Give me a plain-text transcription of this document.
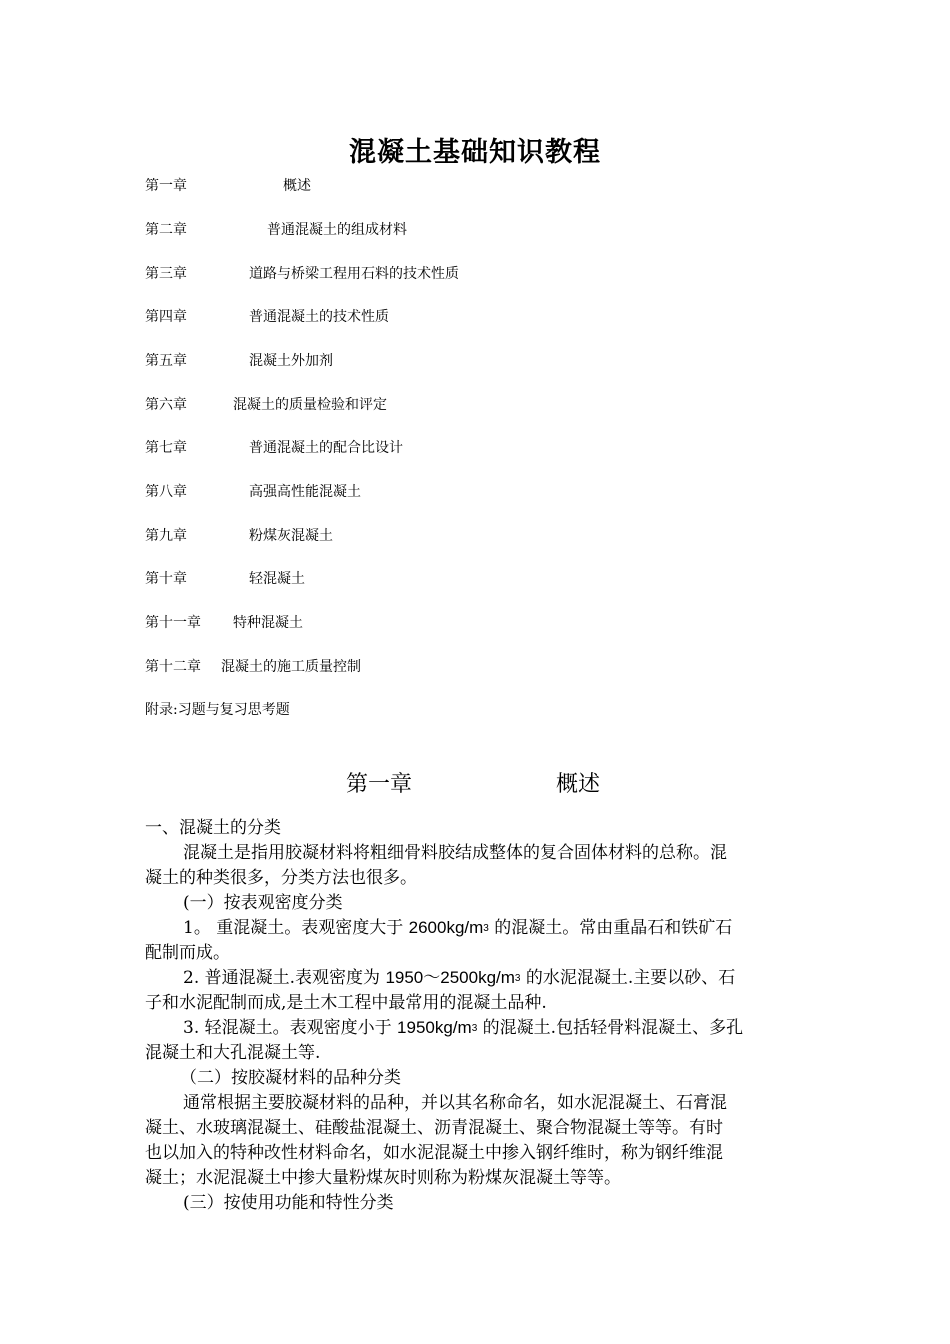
混凝土基础知识教程
第一章	概述
第二章	普通混凝土的组成材料
第三章	道路与桥梁工程用石料的技术性质
第四章	普通混凝土的技术性质
第五章	混凝土外加剂
第六章	混凝土的质量检验和评定
第七章	普通混凝土的配合比设计
第八章	高强高性能混凝土
第九章	粉煤灰混凝土
第十章	轻混凝土
第十一章 特种混凝土
第十二章 混凝土的施工质量控制
附录:习题与复习思考题
第一章	概述
一、混凝土的分类
混凝土是指用胶凝材料将粗细骨料胶结成整体的复合固体材料的总称。混
凝土的种类很多，分类方法也很多。
(一）按表观密度分类
1。 重混凝土。表观密度大于 $2600kg/m^3$ 的混凝土。常由重晶石和铁矿石
配制而成。
2. 普通混凝土.表观密度为 $1950\sim 2500kg/m^3$ 的水泥混凝土.主要以砂、石
子和水泥配制而成,是土木工程中最常用的混凝土品种.
3. 轻混凝土。表观密度小于 $1950kg/m^3$ 的混凝土.包括轻骨料混凝土、多孔
混凝土和大孔混凝土等.
（二）按胶凝材料的品种分类
通常根据主要胶凝材料的品种，并以其名称命名，如水泥混凝土、石膏混
凝土、水玻璃混凝土、硅酸盐混凝土、沥青混凝土、聚合物混凝土等等。有时
也以加入的特种改性材料命名，如水泥混凝土中掺入钢纤维时，称为钢纤维混
凝土；水泥混凝土中掺大量粉煤灰时则称为粉煤灰混凝土等等。
(三）按使用功能和特性分类
